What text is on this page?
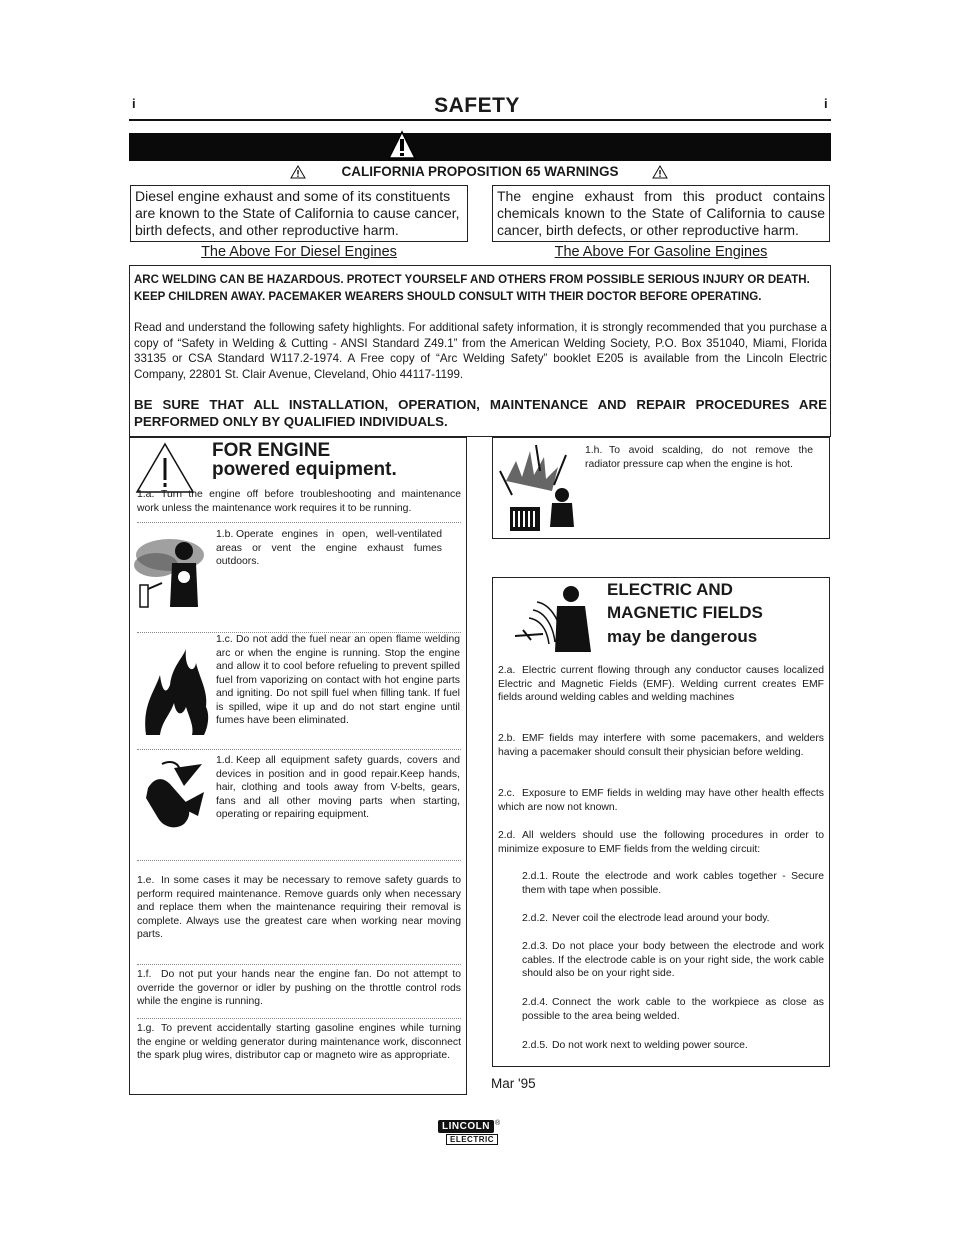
i	SAFETY	i
CALIFORNIA PROPOSITION 65 WARNINGS
Diesel engine exhaust and some of its constituents are known to the State of California to cause cancer, birth defects, and other reproductive harm.
The engine exhaust from this product contains chemicals known to the State of California to cause cancer, birth defects, or other reproductive harm.
The Above For Diesel Engines	The Above For Gasoline Engines
ARC WELDING CAN BE HAZARDOUS. PROTECT YOURSELF AND OTHERS FROM POSSIBLE SERIOUS INJURY OR DEATH.
KEEP CHILDREN AWAY. PACEMAKER WEARERS SHOULD CONSULT WITH THEIR DOCTOR BEFORE OPERATING.
Read and understand the following safety highlights. For additional safety information, it is strongly recommended that you purchase a copy of “Safety in Welding & Cutting - ANSI Standard Z49.1” from the American Welding Society, P.O. Box 351040, Miami, Florida 33135 or CSA Standard W117.2-1974. A Free copy of “Arc Welding Safety” booklet E205 is available from the Lincoln Electric Company, 22801 St. Clair Avenue, Cleveland, Ohio 44117-1199.
BE SURE THAT ALL INSTALLATION, OPERATION, MAINTENANCE AND REPAIR PROCEDURES ARE PERFORMED ONLY BY QUALIFIED INDIVIDUALS.
FOR ENGINE
powered equipment.
1.a. Turn the engine off before troubleshooting and maintenance work unless the maintenance work requires it to be running.
1.b. Operate engines in open, well-ventilated areas or vent the engine exhaust fumes outdoors.
1.c. Do not add the fuel near an open flame welding arc or when the engine is running. Stop the engine and allow it to cool before refueling to prevent spilled fuel from vaporizing on contact with hot engine parts and igniting. Do not spill fuel when filling tank. If fuel is spilled, wipe it up and do not start engine until fumes have been eliminated.
1.d. Keep all equipment safety guards, covers and devices in position and in good repair.Keep hands, hair, clothing and tools away from V-belts, gears, fans and all other moving parts when starting, operating or repairing equipment.
1.e. In some cases it may be necessary to remove safety guards to perform required maintenance. Remove guards only when necessary and replace them when the maintenance requiring their removal is complete. Always use the greatest care when working near moving parts.
1.f. Do not put your hands near the engine fan. Do not attempt to override the governor or idler by pushing on the throttle control rods while the engine is running.
1.g. To prevent accidentally starting gasoline engines while turning the engine or welding generator during maintenance work, disconnect the spark plug wires, distributor cap or magneto wire as appropriate.
1.h. To avoid scalding, do not remove the radiator pressure cap when the engine is hot.
ELECTRIC AND
MAGNETIC FIELDS
may be dangerous
2.a. Electric current flowing through any conductor causes localized Electric and Magnetic Fields (EMF). Welding current creates EMF fields around welding cables and welding machines
2.b. EMF fields may interfere with some pacemakers, and welders having a pacemaker should consult their physician before welding.
2.c. Exposure to EMF fields in welding may have other health effects which are now not known.
2.d. All welders should use the following procedures in order to minimize exposure to EMF fields from the welding circuit:
2.d.1. Route the electrode and work cables together - Secure them with tape when possible.
2.d.2. Never coil the electrode lead around your body.
2.d.3. Do not place your body between the electrode and work cables. If the electrode cable is on your right side, the work cable should also be on your right side.
2.d.4. Connect the work cable to the workpiece as close as possible to the area being welded.
2.d.5. Do not work next to welding power source.
Mar '95
LINCOLN ®
ELECTRIC
